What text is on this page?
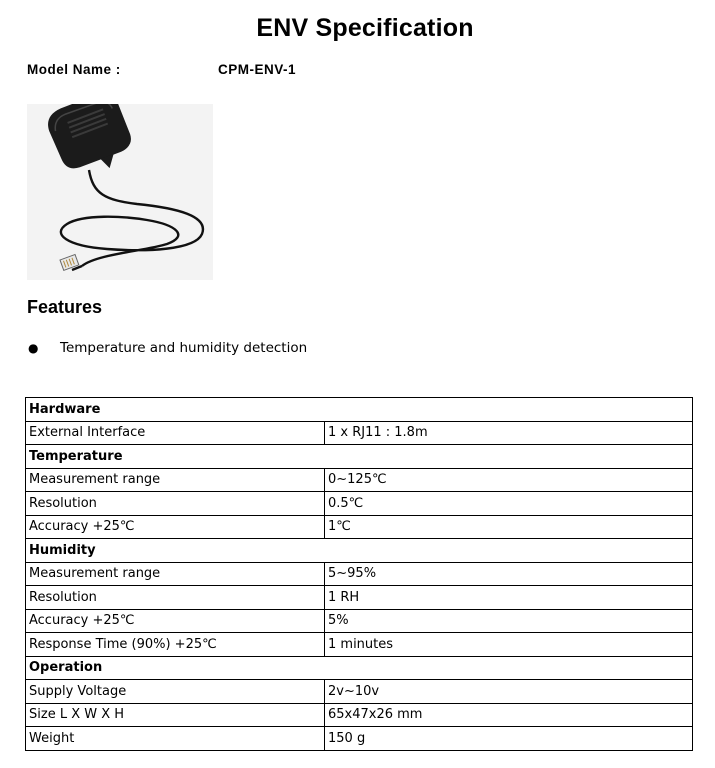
ENV Specification
Model Name :	CPM-ENV-1
Features
● Temperature and humidity detection
Hardware	
External Interface	1 x RJ11 : 1.8m
Temperature	
Measurement range	0~125℃
Resolution	0.5℃
Accuracy +25℃	1℃
Humidity	
Measurement range	5~95%
Resolution	1 RH
Accuracy +25℃	5%
Response Time (90%) +25℃	1 minutes
Operation	
Supply Voltage	2v~10v
Size L X W X H	65x47x26 mm
Weight	150 g
